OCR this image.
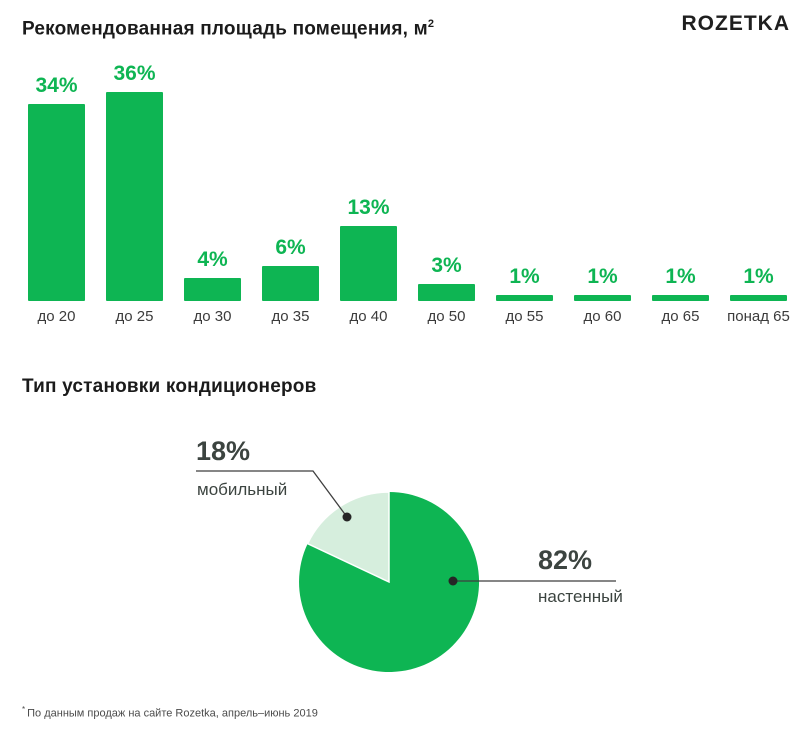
Рекомендованная площадь помещения, $м^2$	ROZETKA
34%
до 20
36%
до 25
4%
до 30
6%
до 35
13%
до 40
3%
до 50
1%
до 55
1%
до 60
1%
до 65
1%
понад 65
Тип установки кондиционеров
18%
мобильный
82%
настенный
* По данным продаж на сайте Rozetka, апрель–июнь 2019
